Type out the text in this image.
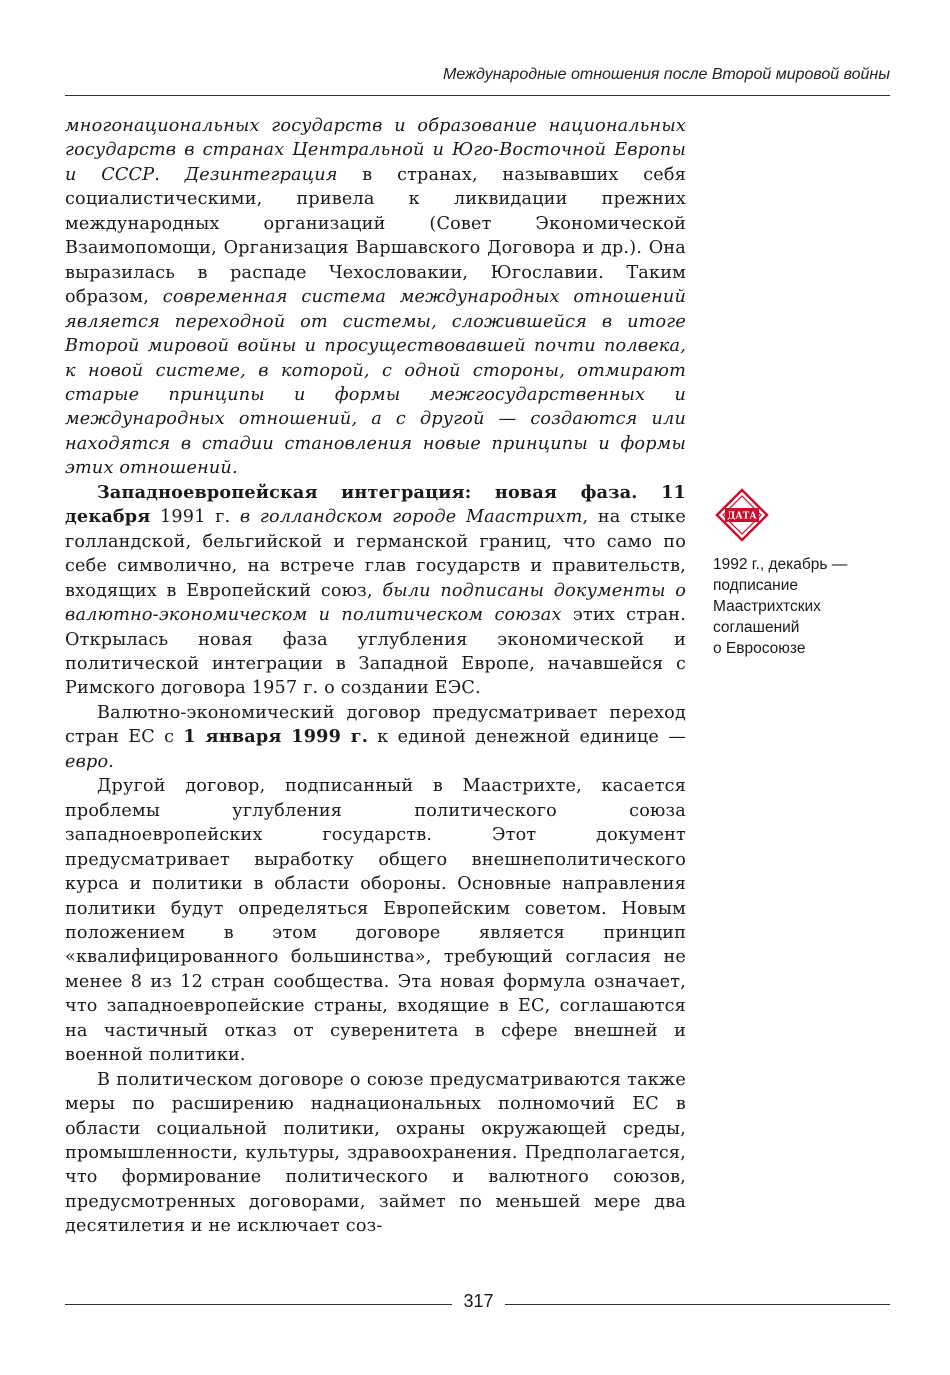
Международные отношения после Второй мировой войны

многонациональных государств и образование национальных государств в странах Центральной и Юго-Восточной Европы и СССР. Дезинтеграция в странах, называвших себя социалистическими, привела к ликвидации прежних международных организаций (Совет Экономической Взаимопомощи, Организация Варшавского Договора и др.). Она выразилась в распаде Чехословакии, Югославии. Таким образом, современная система международных отношений является переходной от системы, сложившейся в итоге Второй мировой войны и просуществовавшей почти полвека, к новой системе, в которой, с одной стороны, отмирают старые принципы и формы межгосударственных и международных отношений, а с другой — создаются или находятся в стадии становления новые принципы и формы этих отношений.

Западноевропейская интеграция: новая фаза. 11 декабря 1991 г. в голландском городе Маастрихт, на стыке голландской, бельгийской и германской границ, что само по себе символично, на встрече глав государств и правительств, входящих в Европейский союз, были подписаны документы о валютно-экономическом и политическом союзах этих стран. Открылась новая фаза углубления экономической и политической интеграции в Западной Европе, начавшейся с Римского договора 1957 г. о создании ЕЭС.

Валютно-экономический договор предусматривает переход стран ЕС с 1 января 1999 г. к единой денежной единице — евро.

Другой договор, подписанный в Маастрихте, касается проблемы углубления политического союза западноевропейских государств. Этот документ предусматривает выработку общего внешнеполитического курса и политики в области обороны. Основные направления политики будут определяться Европейским советом. Новым положением в этом договоре является принцип «квалифицированного большинства», требующий согласия не менее 8 из 12 стран сообщества. Эта новая формула означает, что западноевропейские страны, входящие в ЕС, соглашаются на частичный отказ от суверенитета в сфере внешней и военной политики.

В политическом договоре о союзе предусматриваются также меры по расширению наднациональных полномочий ЕС в области социальной политики, охраны окружающей среды, промышленности, культуры, здравоохранения. Предполагается, что формирование политического и валютного союзов, предусмотренных договорами, займет по меньшей мере два десятилетия и не исключает соз-

ДАТА
1992 г., декабрь —
подписание
Маастрихтских
соглашений
о Евросоюзе
317
